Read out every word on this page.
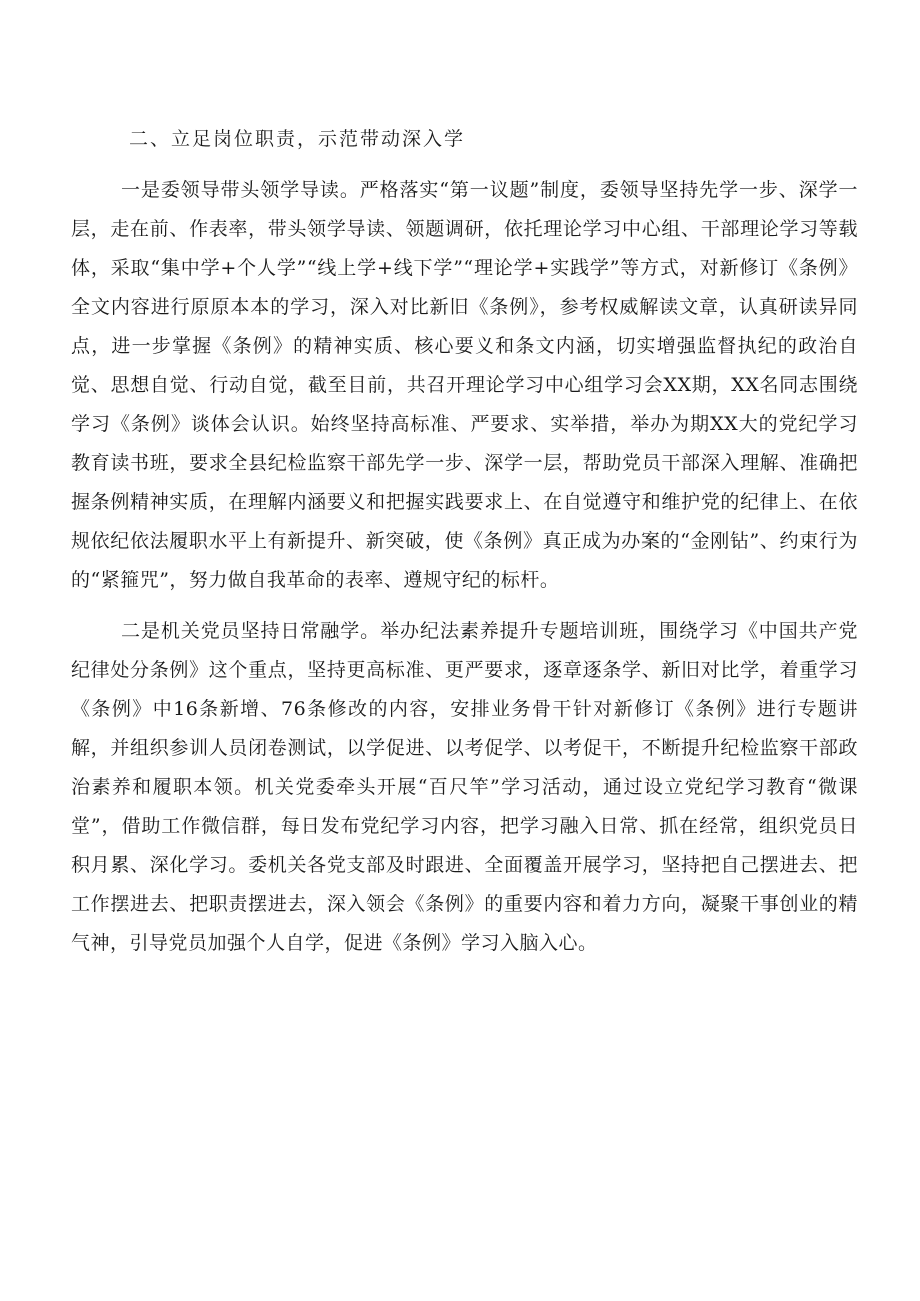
二、立足岗位职责，示范带动深入学

一是委领导带头领学导读。严格落实“第一议题”制度，委领导坚持先学一步、深学一层，走在前、作表率，带头领学导读、领题调研，依托理论学习中心组、干部理论学习等载体，采取“集中学+个人学”“线上学+线下学”“理论学+实践学”等方式，对新修订《条例》全文内容进行原原本本的学习，深入对比新旧《条例》，参考权威解读文章，认真研读异同点，进一步掌握《条例》的精神实质、核心要义和条文内涵，切实增强监督执纪的政治自觉、思想自觉、行动自觉，截至目前，共召开理论学习中心组学习会XX期，XX名同志围绕学习《条例》谈体会认识。始终坚持高标准、严要求、实举措，举办为期XX大的党纪学习教育读书班，要求全县纪检监察干部先学一步、深学一层，帮助党员干部深入理解、准确把握条例精神实质，在理解内涵要义和把握实践要求上、在自觉遵守和维护党的纪律上、在依规依纪依法履职水平上有新提升、新突破，使《条例》真正成为办案的“金刚钻”、约束行为的“紧箍咒”，努力做自我革命的表率、遵规守纪的标杆。

二是机关党员坚持日常融学。举办纪法素养提升专题培训班，围绕学习《中国共产党纪律处分条例》这个重点，坚持更高标准、更严要求，逐章逐条学、新旧对比学，着重学习《条例》中16条新增、76条修改的内容，安排业务骨干针对新修订《条例》进行专题讲解，并组织参训人员闭卷测试，以学促进、以考促学、以考促干，不断提升纪检监察干部政治素养和履职本领。机关党委牵头开展“百尺竿”学习活动，通过设立党纪学习教育“微课堂”，借助工作微信群，每日发布党纪学习内容，把学习融入日常、抓在经常，组织党员日积月累、深化学习。委机关各党支部及时跟进、全面覆盖开展学习，坚持把自己摆进去、把工作摆进去、把职责摆进去，深入领会《条例》的重要内容和着力方向，凝聚干事创业的精气神，引导党员加强个人自学，促进《条例》学习入脑入心。
